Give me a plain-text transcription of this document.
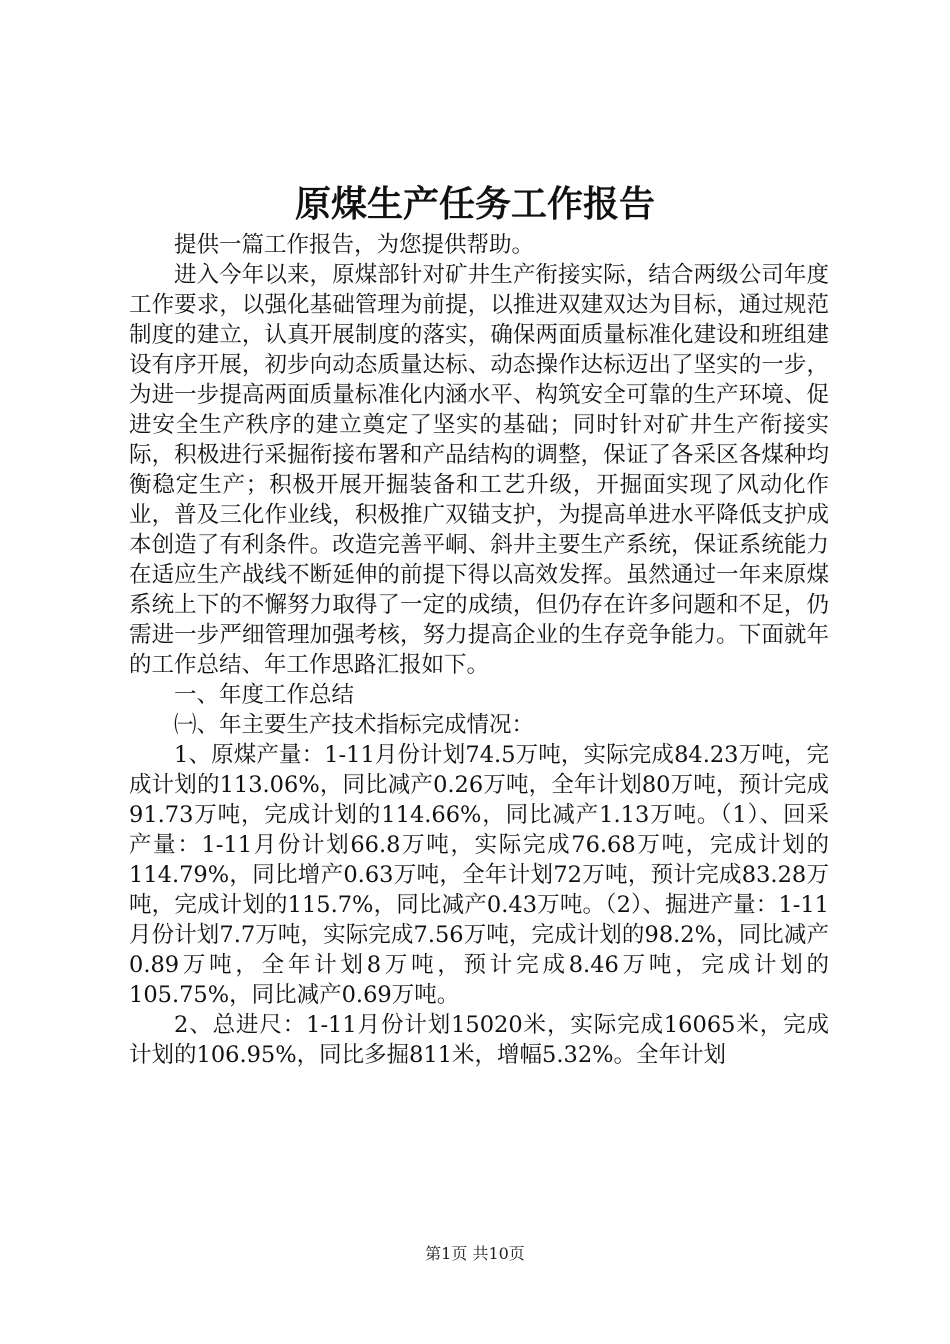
原煤生产任务工作报告

提供一篇工作报告，为您提供帮助。

进入今年以来，原煤部针对矿井生产衔接实际，结合两级公司年度工作要求，以强化基础管理为前提，以推进双建双达为目标，通过规范制度的建立，认真开展制度的落实，确保两面质量标准化建设和班组建设有序开展，初步向动态质量达标、动态操作达标迈出了坚实的一步，为进一步提高两面质量标准化内涵水平、构筑安全可靠的生产环境、促进安全生产秩序的建立奠定了坚实的基础；同时针对矿井生产衔接实际，积极进行采掘衔接布署和产品结构的调整，保证了各采区各煤种均衡稳定生产；积极开展开掘装备和工艺升级，开掘面实现了风动化作业，普及三化作业线，积极推广双锚支护，为提高单进水平降低支护成本创造了有利条件。改造完善平峒、斜井主要生产系统，保证系统能力在适应生产战线不断延伸的前提下得以高效发挥。虽然通过一年来原煤系统上下的不懈努力取得了一定的成绩，但仍存在许多问题和不足，仍需进一步严细管理加强考核，努力提高企业的生存竞争能力。下面就年的工作总结、年工作思路汇报如下。

一、年度工作总结

㈠、年主要生产技术指标完成情况：

1、原煤产量：1-11月份计划74.5万吨，实际完成84.23万吨，完成计划的113.06%，同比减产0.26万吨，全年计划80万吨，预计完成91.73万吨，完成计划的114.66%，同比减产1.13万吨。（1）、回采产量：1-11月份计划66.8万吨，实际完成76.68万吨，完成计划的114.79%，同比增产0.63万吨，全年计划72万吨，预计完成83.28万吨，完成计划的115.7%，同比减产0.43万吨。（2）、掘进产量：1-11月份计划7.7万吨，实际完成7.56万吨，完成计划的98.2%，同比减产0.89万吨，全年计划8万吨，预计完成8.46万吨，完成计划的105.75%，同比减产0.69万吨。

2、总进尺：1-11月份计划15020米，实际完成16065米，完成计划的106.95%，同比多掘811米，增幅5.32%。全年计划

第1页 共10页
